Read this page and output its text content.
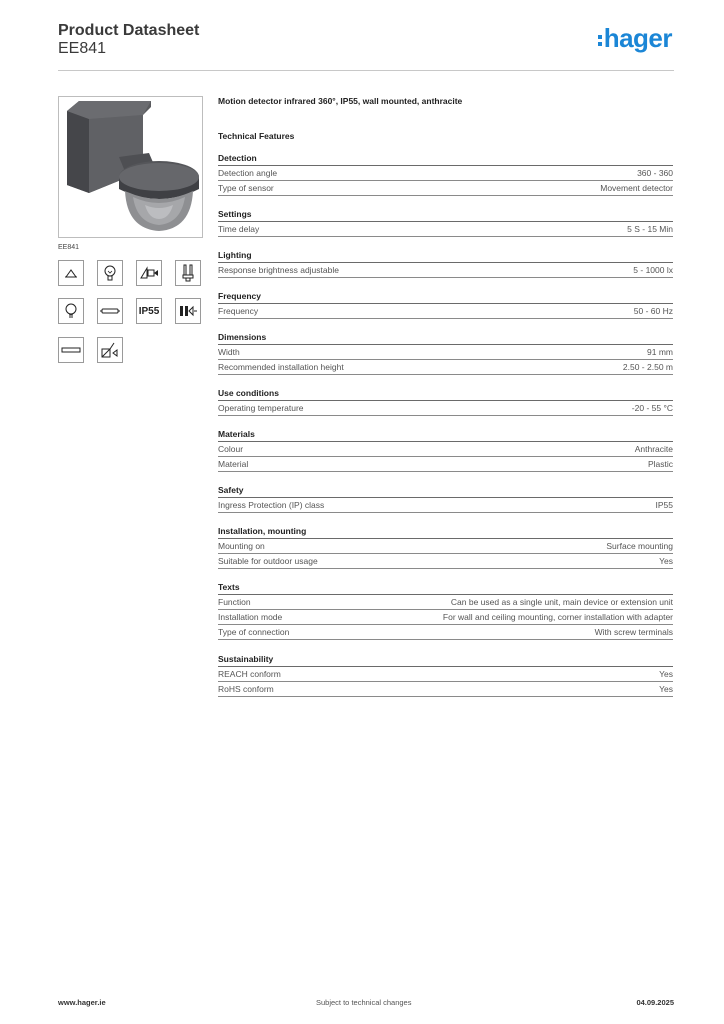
Product Datasheet
EE841	hager
EE841
IP55
Motion detector infrared 360°, IP55, wall mounted, anthracite
Technical Features
Detection
Detection angle	360 - 360
Type of sensor	Movement detector
Settings
Time delay	5 S - 15 Min
Lighting
Response brightness adjustable	5 - 1000 lx
Frequency
Frequency	50 - 60 Hz
Dimensions
Width	91 mm
Recommended installation height	2.50 - 2.50 m
Use conditions
Operating temperature	-20 - 55 °C
Materials
Colour	Anthracite
Material	Plastic
Safety
Ingress Protection (IP) class	IP55
Installation, mounting
Mounting on	Surface mounting
Suitable for outdoor usage	Yes
Texts
Function	Can be used as a single unit, main device or extension unit
Installation mode	For wall and ceiling mounting, corner installation with adapter
Type of connection	With screw terminals
Sustainability
REACH conform	Yes
RoHS conform	Yes
www.hager.ie	Subject to technical changes	04.09.2025
